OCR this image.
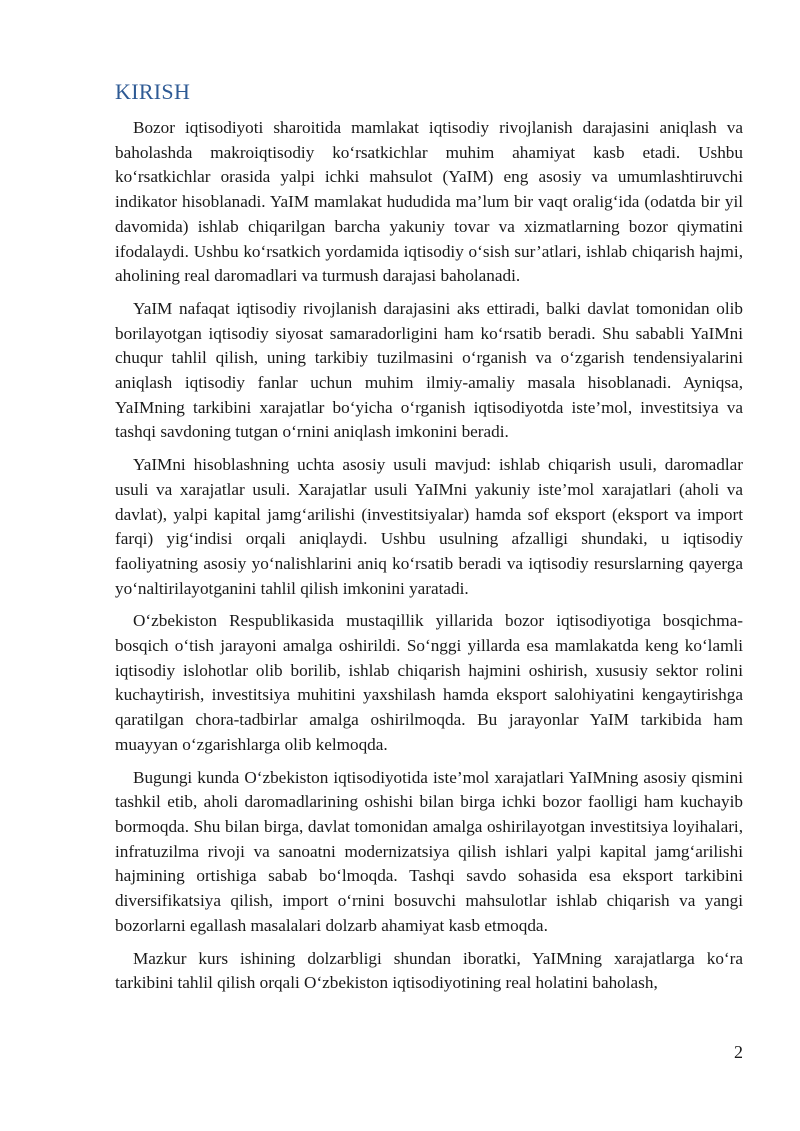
KIRISH

Bozor iqtisodiyoti sharoitida mamlakat iqtisodiy rivojlanish darajasini aniqlash va baholashda makroiqtisodiy ko‘rsatkichlar muhim ahamiyat kasb etadi. Ushbu ko‘rsatkichlar orasida yalpi ichki mahsulot (YaIM) eng asosiy va umumlashtiruvchi indikator hisoblanadi. YaIM mamlakat hududida ma’lum bir vaqt oralig‘ida (odatda bir yil davomida) ishlab chiqarilgan barcha yakuniy tovar va xizmatlarning bozor qiymatini ifodalaydi. Ushbu ko‘rsatkich yordamida iqtisodiy o‘sish sur’atlari, ishlab chiqarish hajmi, aholining real daromadlari va turmush darajasi baholanadi.

YaIM nafaqat iqtisodiy rivojlanish darajasini aks ettiradi, balki davlat tomonidan olib borilayotgan iqtisodiy siyosat samaradorligini ham ko‘rsatib beradi. Shu sababli YaIMni chuqur tahlil qilish, uning tarkibiy tuzilmasini o‘rganish va o‘zgarish tendensiyalarini aniqlash iqtisodiy fanlar uchun muhim ilmiy-amaliy masala hisoblanadi. Ayniqsa, YaIMning tarkibini xarajatlar bo‘yicha o‘rganish iqtisodiyotda iste’mol, investitsiya va tashqi savdoning tutgan o‘rnini aniqlash imkonini beradi.

YaIMni hisoblashning uchta asosiy usuli mavjud: ishlab chiqarish usuli, daromadlar usuli va xarajatlar usuli. Xarajatlar usuli YaIMni yakuniy iste’mol xarajatlari (aholi va davlat), yalpi kapital jamg‘arilishi (investitsiyalar) hamda sof eksport (eksport va import farqi) yig‘indisi orqali aniqlaydi. Ushbu usulning afzalligi shundaki, u iqtisodiy faoliyatning asosiy yo‘nalishlarini aniq ko‘rsatib beradi va iqtisodiy resurslarning qayerga yo‘naltirilayotganini tahlil qilish imkonini yaratadi.

O‘zbekiston Respublikasida mustaqillik yillarida bozor iqtisodiyotiga bosqichma-bosqich o‘tish jarayoni amalga oshirildi. So‘nggi yillarda esa mamlakatda keng ko‘lamli iqtisodiy islohotlar olib borilib, ishlab chiqarish hajmini oshirish, xususiy sektor rolini kuchaytirish, investitsiya muhitini yaxshilash hamda eksport salohiyatini kengaytirishga qaratilgan chora-tadbirlar amalga oshirilmoqda. Bu jarayonlar YaIM tarkibida ham muayyan o‘zgarishlarga olib kelmoqda.

Bugungi kunda O‘zbekiston iqtisodiyotida iste’mol xarajatlari YaIMning asosiy qismini tashkil etib, aholi daromadlarining oshishi bilan birga ichki bozor faolligi ham kuchayib bormoqda. Shu bilan birga, davlat tomonidan amalga oshirilayotgan investitsiya loyihalari, infratuzilma rivoji va sanoatni modernizatsiya qilish ishlari yalpi kapital jamg‘arilishi hajmining ortishiga sabab bo‘lmoqda. Tashqi savdo sohasida esa eksport tarkibini diversifikatsiya qilish, import o‘rnini bosuvchi mahsulotlar ishlab chiqarish va yangi bozorlarni egallash masalalari dolzarb ahamiyat kasb etmoqda.

Mazkur kurs ishining dolzarbligi shundan iboratki, YaIMning xarajatlarga ko‘ra tarkibini tahlil qilish orqali O‘zbekiston iqtisodiyotining real holatini baholash,

2
